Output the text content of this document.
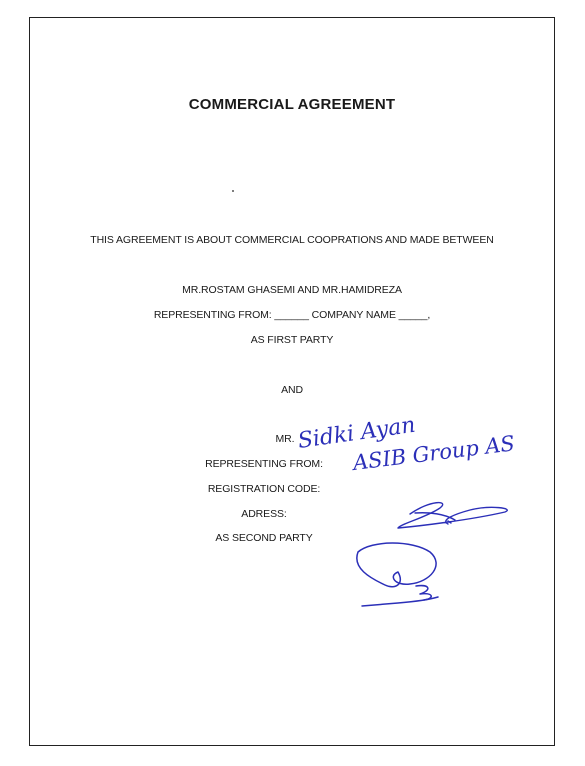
COMMERCIAL AGREEMENT
THIS AGREEMENT IS ABOUT COMMERCIAL COOPRATIONS AND MADE BETWEEN
MR.ROSTAM GHASEMI AND MR.HAMIDREZA
REPRESENTING FROM: ______ COMPANY NAME _____,
AS FIRST PARTY
AND
MR.
REPRESENTING FROM:
REGISTRATION CODE:
ADRESS:
AS SECOND PARTY
Sidki Ayan
ASIB Group AS
